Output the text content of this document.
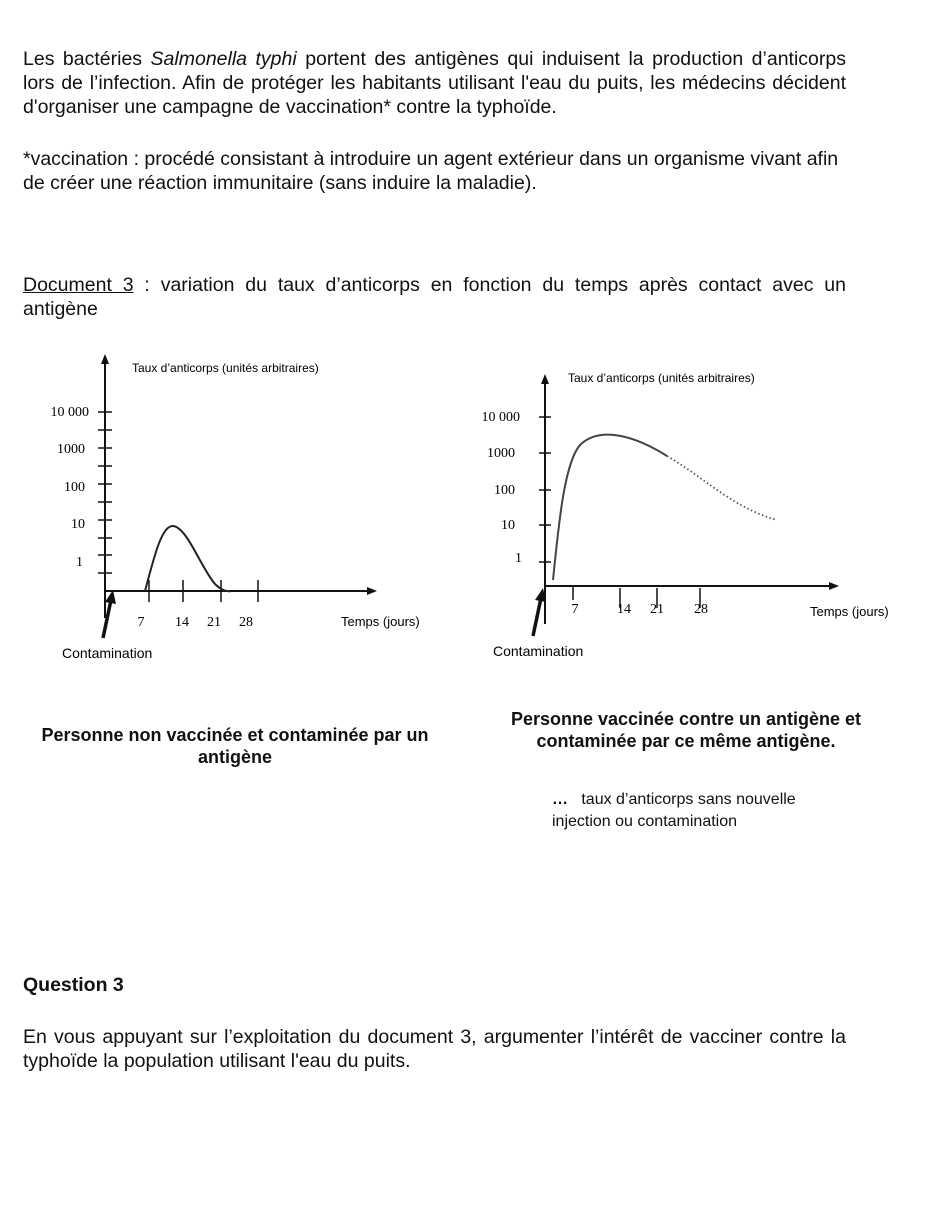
Les bactéries Salmonella typhi portent des antigènes qui induisent la production d’anticorps lors de l’infection. Afin de protéger les habitants utilisant l'eau du puits, les médecins décident d'organiser une campagne de vaccination* contre la typhoïde.

*vaccination : procédé consistant à introduire un agent extérieur dans un organisme vivant afin de créer une réaction immunitaire (sans induire la maladie).

Document 3 : variation du taux d’anticorps en fonction du temps après contact avec un antigène

Taux d’anticorps (unités arbitraires)
10 000
1000
100
10
1
7 14 21 28	Temps (jours)
Contamination
Taux d’anticorps (unités arbitraires)
10 000
1000
100
10
1
7	14 21 28	Temps (jours)
Contamination

Personne non vaccinée et contaminée par un antigène

Personne vaccinée contre un antigène et contaminée par ce même antigène.

… taux d’anticorps sans nouvelle injection ou contamination

Question 3

En vous appuyant sur l’exploitation du document 3, argumenter l’intérêt de vacciner contre la typhoïde la population utilisant l'eau du puits.
